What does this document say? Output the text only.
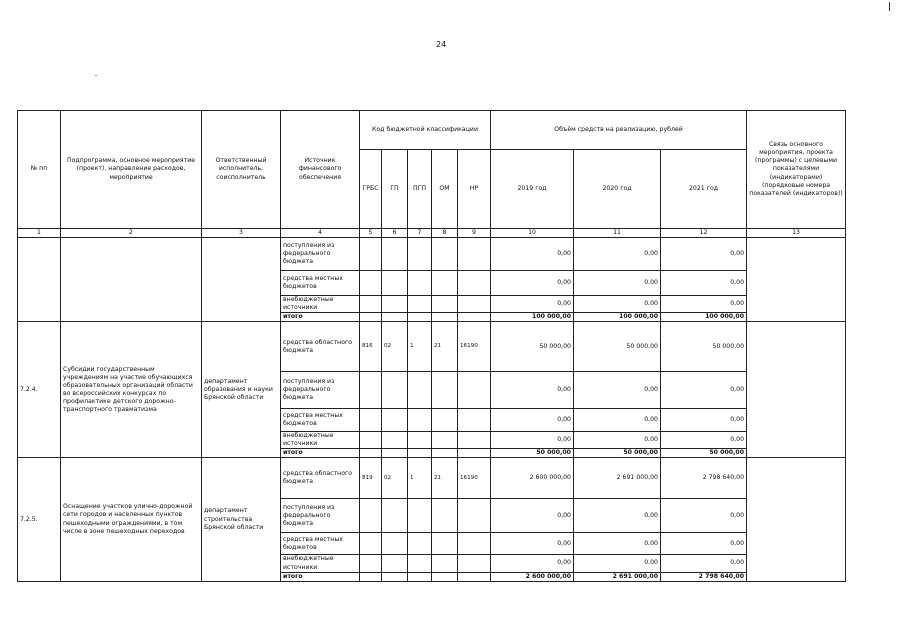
24
№ пп	Подпрограмма, основное мероприятие (проект), направление расходов, мероприятие	Ответственный исполнитель, соисполнитель	Источник финансового обеспечения	Код бюджетной классификации					Объём средств на реализацию, рублей			Связь основного мероприятия, проекта (программы) с целевыми показателями (индикаторами) (порядковые номера показателей (индикаторов))
				ГРБС	ГП	ПГП	ОМ	НР	2019 год	2020 год	2021 год	
1	2	3	4	5	6	7	8	9	10	11	12	13
			поступления из федерального бюджета						0,00	0,00	0,00	
			средства местных бюджетов						0,00	0,00	0,00	
			внебюджетные источники						0,00	0,00	0,00	
			итого						100 000,00	100 000,00	100 000,00	
7.2.4.	Субсидии государственным учреждениям на участие обучающихся образовательных организаций области во всероссийских конкурсах по профилактике детского дорожно-транспортного травматизма	департамент образования и науки Брянской области	средства областного бюджета	816	02	1	21	16190	50 000,00	50 000,00	50 000,00	
			поступления из федерального бюджета						0,00	0,00	0,00	
			средства местных бюджетов						0,00	0,00	0,00	
			внебюджетные источники						0,00	0,00	0,00	
			итого						50 000,00	50 000,00	50 000,00	
7.2.5.	Оснащение участков улично-дорожной сети городов и населенных пунктов пешеходными ограждениями, в том числе в зоне пешеходных переходов	департамент строительства Брянской области	средства областного бюджета	819	02	1	21	16190	2 600 000,00	2 691 000,00	2 798 640,00	
			поступления из федерального бюджета						0,00	0,00	0,00	
			средства местных бюджетов						0,00	0,00	0,00	
			внебюджетные источники						0,00	0,00	0,00	
			итого						2 600 000,00	2 691 000,00	2 798 640,00	
